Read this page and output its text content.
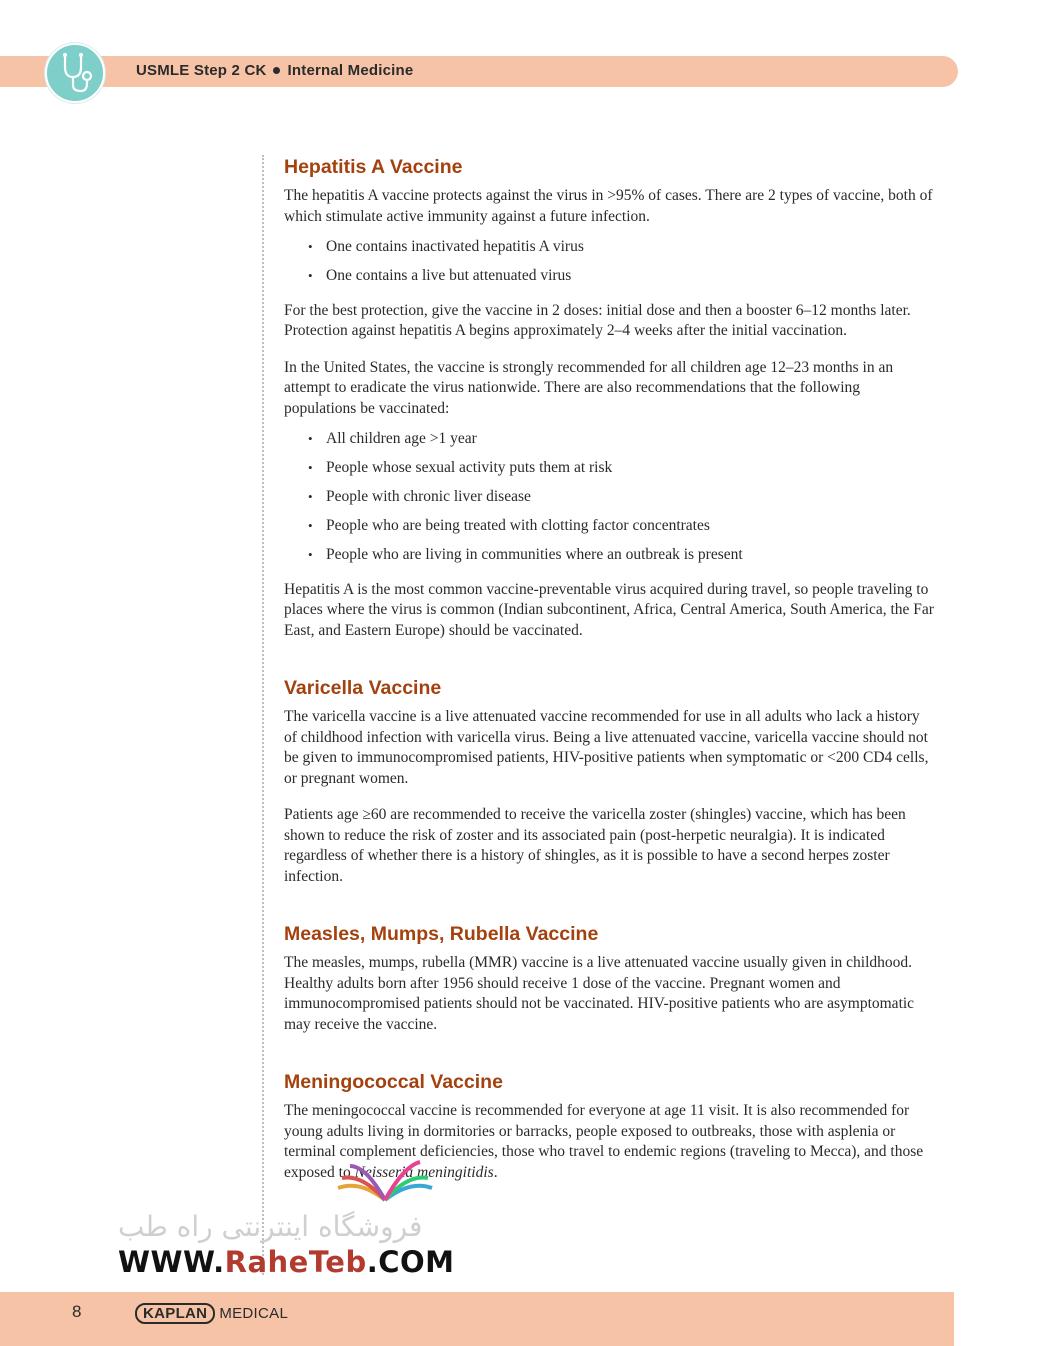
USMLE Step 2 CK Internal Medicine
Hepatitis A Vaccine

The hepatitis A vaccine protects against the virus in >95% of cases. There are 2 types of vaccine, both of which stimulate active immunity against a future infection.

• One contains inactivated hepatitis A virus
• One contains a live but attenuated virus

For the best protection, give the vaccine in 2 doses: initial dose and then a booster 6–12 months later. Protection against hepatitis A begins approximately 2–4 weeks after the initial vaccination.

In the United States, the vaccine is strongly recommended for all children age 12–23 months in an attempt to eradicate the virus nationwide. There are also recommendations that the following populations be vaccinated:

• All children age >1 year
• People whose sexual activity puts them at risk
• People with chronic liver disease
• People who are being treated with clotting factor concentrates
• People who are living in communities where an outbreak is present

Hepatitis A is the most common vaccine-preventable virus acquired during travel, so people traveling to places where the virus is common (Indian subcontinent, Africa, Central America, South America, the Far East, and Eastern Europe) should be vaccinated.

Varicella Vaccine

The varicella vaccine is a live attenuated vaccine recommended for use in all adults who lack a history of childhood infection with varicella virus. Being a live attenuated vaccine, varicella vaccine should not be given to immunocompromised patients, HIV-positive patients when symptomatic or <200 CD4 cells, or pregnant women.

Patients age ≥60 are recommended to receive the varicella zoster (shingles) vaccine, which has been shown to reduce the risk of zoster and its associated pain (post-herpetic neuralgia). It is indicated regardless of whether there is a history of shingles, as it is possible to have a second herpes zoster infection.

Measles, Mumps, Rubella Vaccine

The measles, mumps, rubella (MMR) vaccine is a live attenuated vaccine usually given in childhood. Healthy adults born after 1956 should receive 1 dose of the vaccine. Pregnant women and immunocompromised patients should not be vaccinated. HIV-positive patients who are asymptomatic may receive the vaccine.

Meningococcal Vaccine

The meningococcal vaccine is recommended for everyone at age 11 visit. It is also recommended for young adults living in dormitories or barracks, people exposed to outbreaks, those with asplenia or terminal complement deficiencies, those who travel to endemic regions (traveling to Mecca), and those exposed to Neisseria meningitidis.

فروشگاه اینترنتی راه طب
WWW.RaheTeb.COM
8	KAPLAN MEDICAL
